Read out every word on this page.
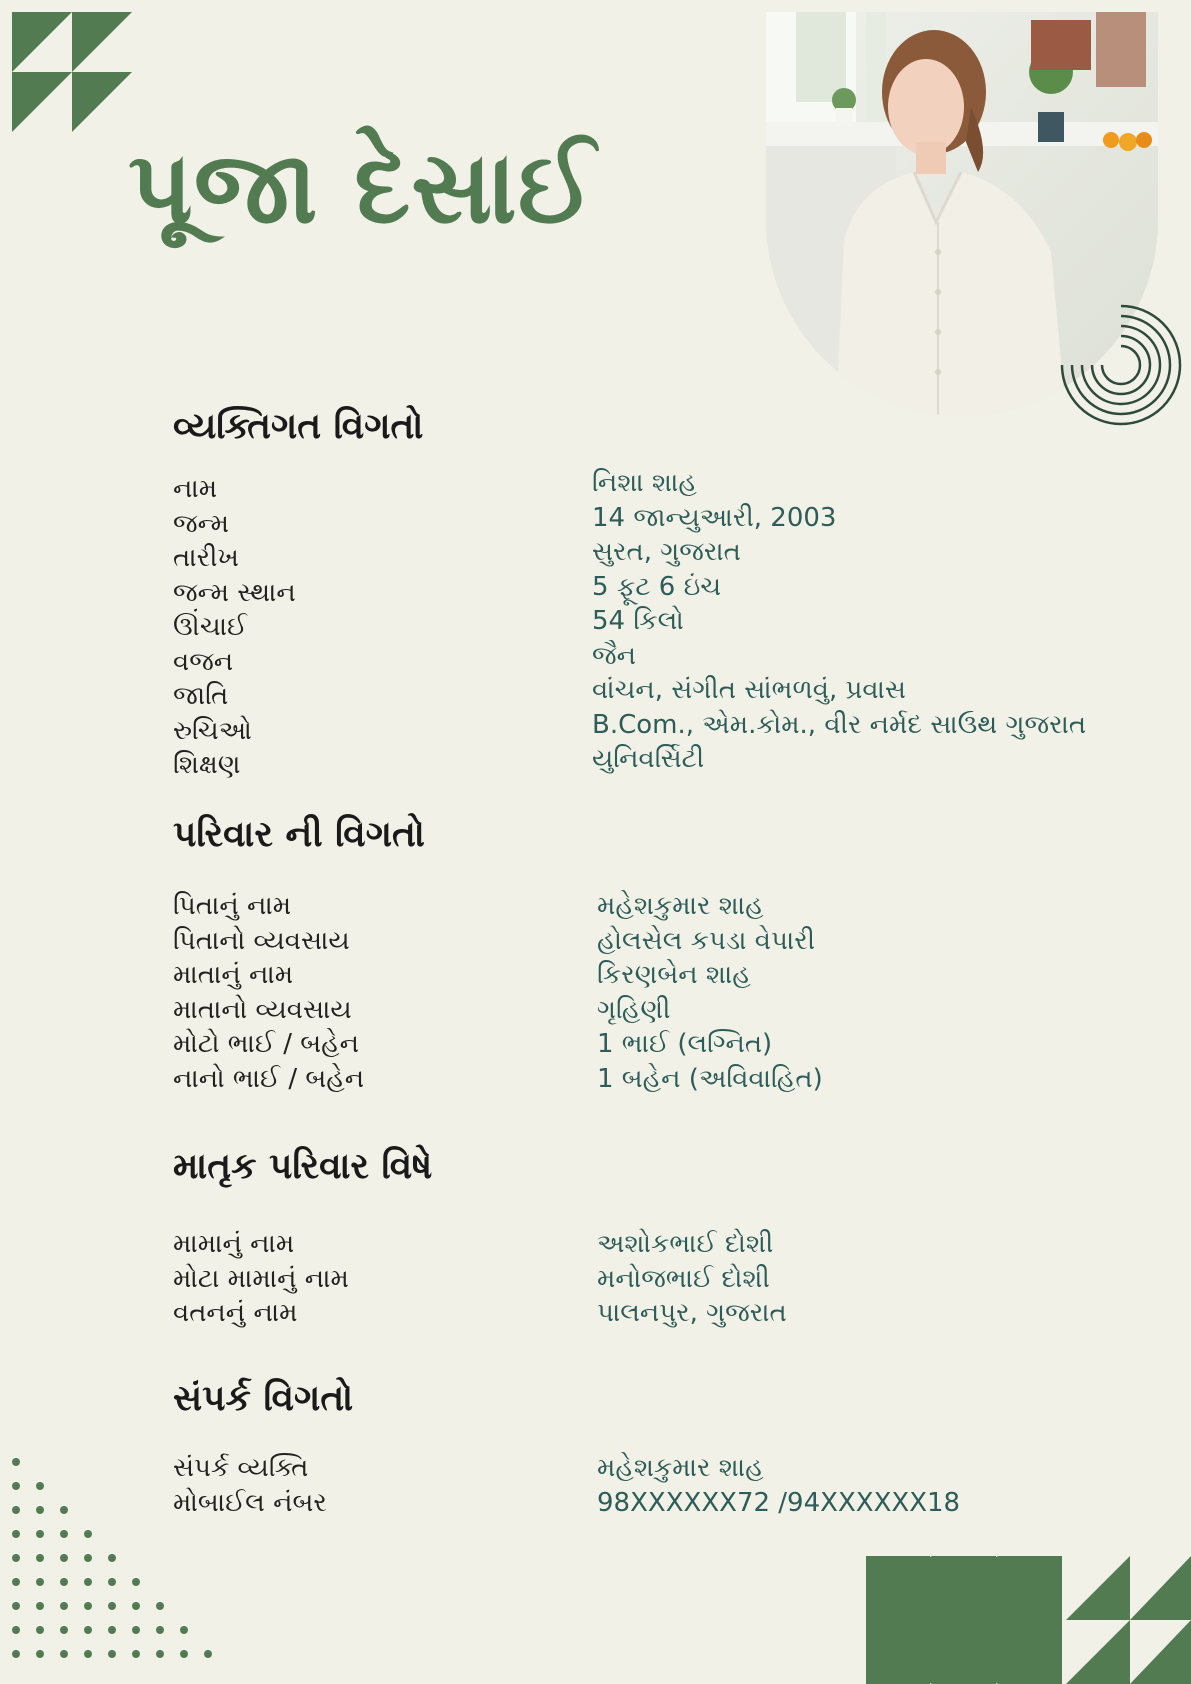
પૂજા દેસાઈ
વ્યક્તિગત વિગતો
નામ
જન્મ
તારીખ
જન્મ સ્થાન
ઊંચાઈ
વજન
જાતિ
રુચિઓ
શિક્ષણ
નિશા શાહ
14 જાન્યુઆરી, 2003
સુરત, ગુજરાત
5 ફૂટ 6 ઇંચ
54 કિલો
જૈન
વાંચન, સંગીત સાંભળવું, પ્રવાસ
B.Com., એમ.કોમ., વીર નર્મદ સાઉથ ગુજરાત
યુનિવર્સિટી
પરિવાર ની વિગતો
પિતાનું નામ
પિતાનો વ્યવસાય
માતાનું નામ
માતાનો વ્યવસાય
મોટો ભાઈ / બહેન
નાનો ભાઈ / બહેન
મહેશકુમાર શાહ
હોલસેલ કપડા વેપારી
કિરણબેન શાહ
ગૃહિણી
1 ભાઈ (લગ્નિત)
1 બહેન (અવિવાહિત)
માતૃક પરિવાર વિષે
મામાનું નામ
મોટા મામાનું નામ
વતનનું નામ
અશોકભાઈ દોશી
મનોજભાઈ દોશી
પાલનપુર, ગુજરાત
સંપર્ક વિગતો
સંપર્ક વ્યક્તિ
મોબાઈલ નંબર
મહેશકુમાર શાહ
98XXXXXX72 /94XXXXXX18
